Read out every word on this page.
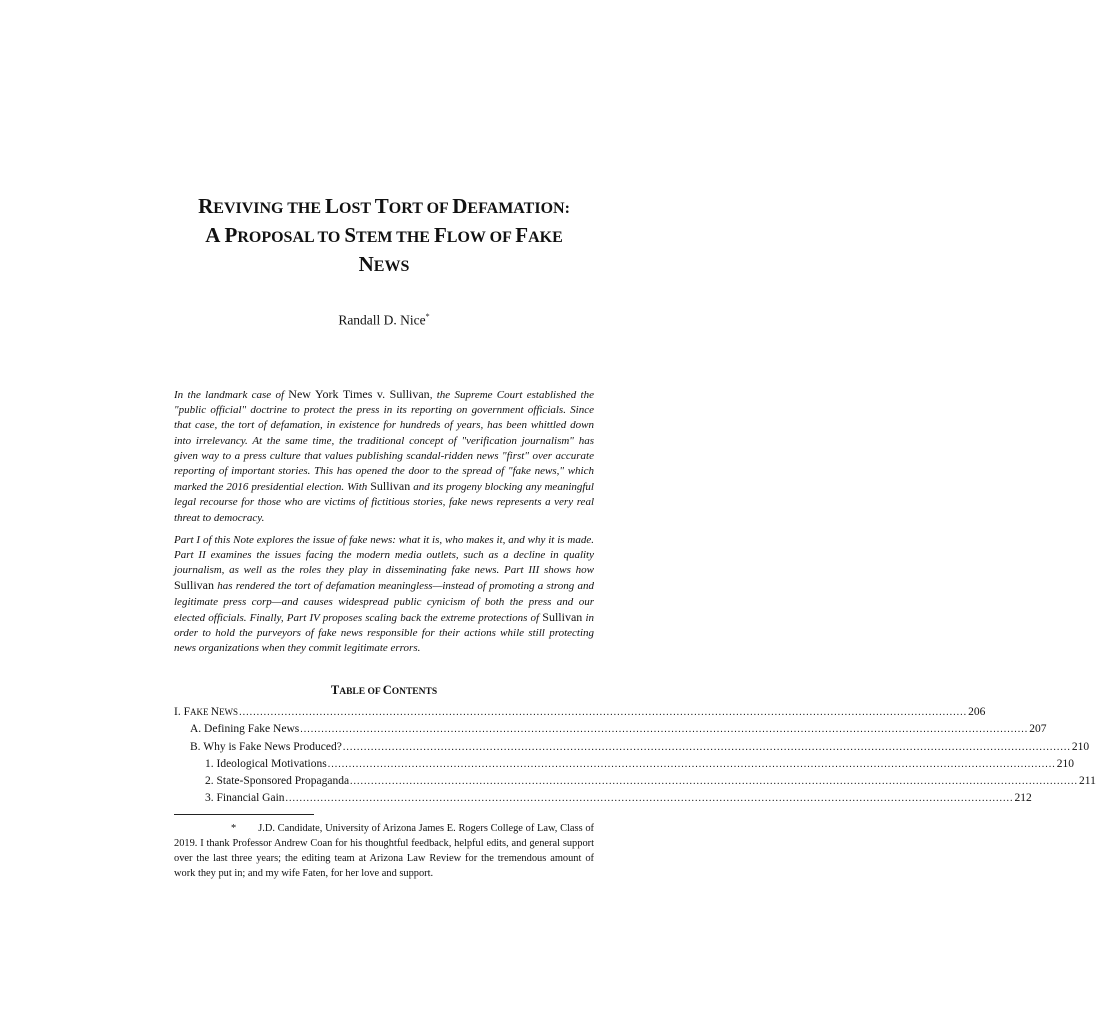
REVIVING THE LOST TORT OF DEFAMATION:
A PROPOSAL TO STEM THE FLOW OF FAKE
NEWS
Randall D. Nice*

In the landmark case of New York Times v. Sullivan, the Supreme Court established the "public official" doctrine to protect the press in its reporting on government officials. Since that case, the tort of defamation, in existence for hundreds of years, has been whittled down into irrelevancy. At the same time, the traditional concept of "verification journalism" has given way to a press culture that values publishing scandal-ridden news "first" over accurate reporting of important stories. This has opened the door to the spread of "fake news," which marked the 2016 presidential election. With Sullivan and its progeny blocking any meaningful legal recourse for those who are victims of fictitious stories, fake news represents a very real threat to democracy.

Part I of this Note explores the issue of fake news: what it is, who makes it, and why it is made. Part II examines the issues facing the modern media outlets, such as a decline in quality journalism, as well as the roles they play in disseminating fake news. Part III shows how Sullivan has rendered the tort of defamation meaningless—instead of promoting a strong and legitimate press corp—and causes widespread public cynicism of both the press and our elected officials. Finally, Part IV proposes scaling back the extreme protections of Sullivan in order to hold the purveyors of fake news responsible for their actions while still protecting news organizations when they commit legitimate errors.

TABLE OF CONTENTS
I. FAKE NEWS ................................................................................................................................................................................................................ 206
A. Defining Fake News ................................................................................................................................................................................................................ 207
B. Why is Fake News Produced? ................................................................................................................................................................................................................ 210
1. Ideological Motivations ................................................................................................................................................................................................................ 210
2. State-Sponsored Propaganda ................................................................................................................................................................................................................ 211
3. Financial Gain ................................................................................................................................................................................................................ 212

* J.D. Candidate, University of Arizona James E. Rogers College of Law, Class of 2019. I thank Professor Andrew Coan for his thoughtful feedback, helpful edits, and general support over the last three years; the editing team at Arizona Law Review for the tremendous amount of work they put in; and my wife Faten, for her love and support.
